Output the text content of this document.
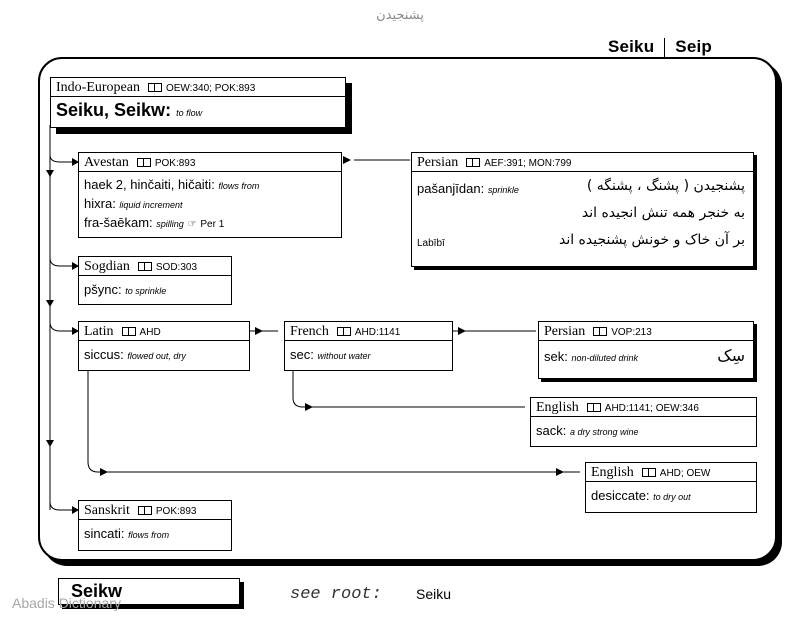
پشنجیدن
Seiku Seip
Indo-European	OEW:340; POK:893
Seiku, Seikw: to flow
Avestan	POK:893
haek 2, hinčaiti, hičaiti: flows from
hixra: liquid increment
fra-šaēkam: spilling ☞ Per 1
Persian	AEF:391; MON:799
pašanjīdan: sprinkle	پشنجیدن ( پشنگ ، پشنگه )
به خنجر همه تنش انجیده اند
بر آن خاک و خونش پشنجیده اند
Labībī
Sogdian	SOD:303
pšync: to sprinkle
Latin	AHD
siccus: flowed out, dry
French	AHD:1141
sec: without water
Persian	VOP:213
sek: non-diluted drink	سِک
English	AHD:1141; OEW:346
sack: a dry strong wine
English	AHD; OEW
desiccate: to dry out
Sanskrit	POK:893
sincati: flows from
Seikw	see root: Seiku
Abadis Dictionary
